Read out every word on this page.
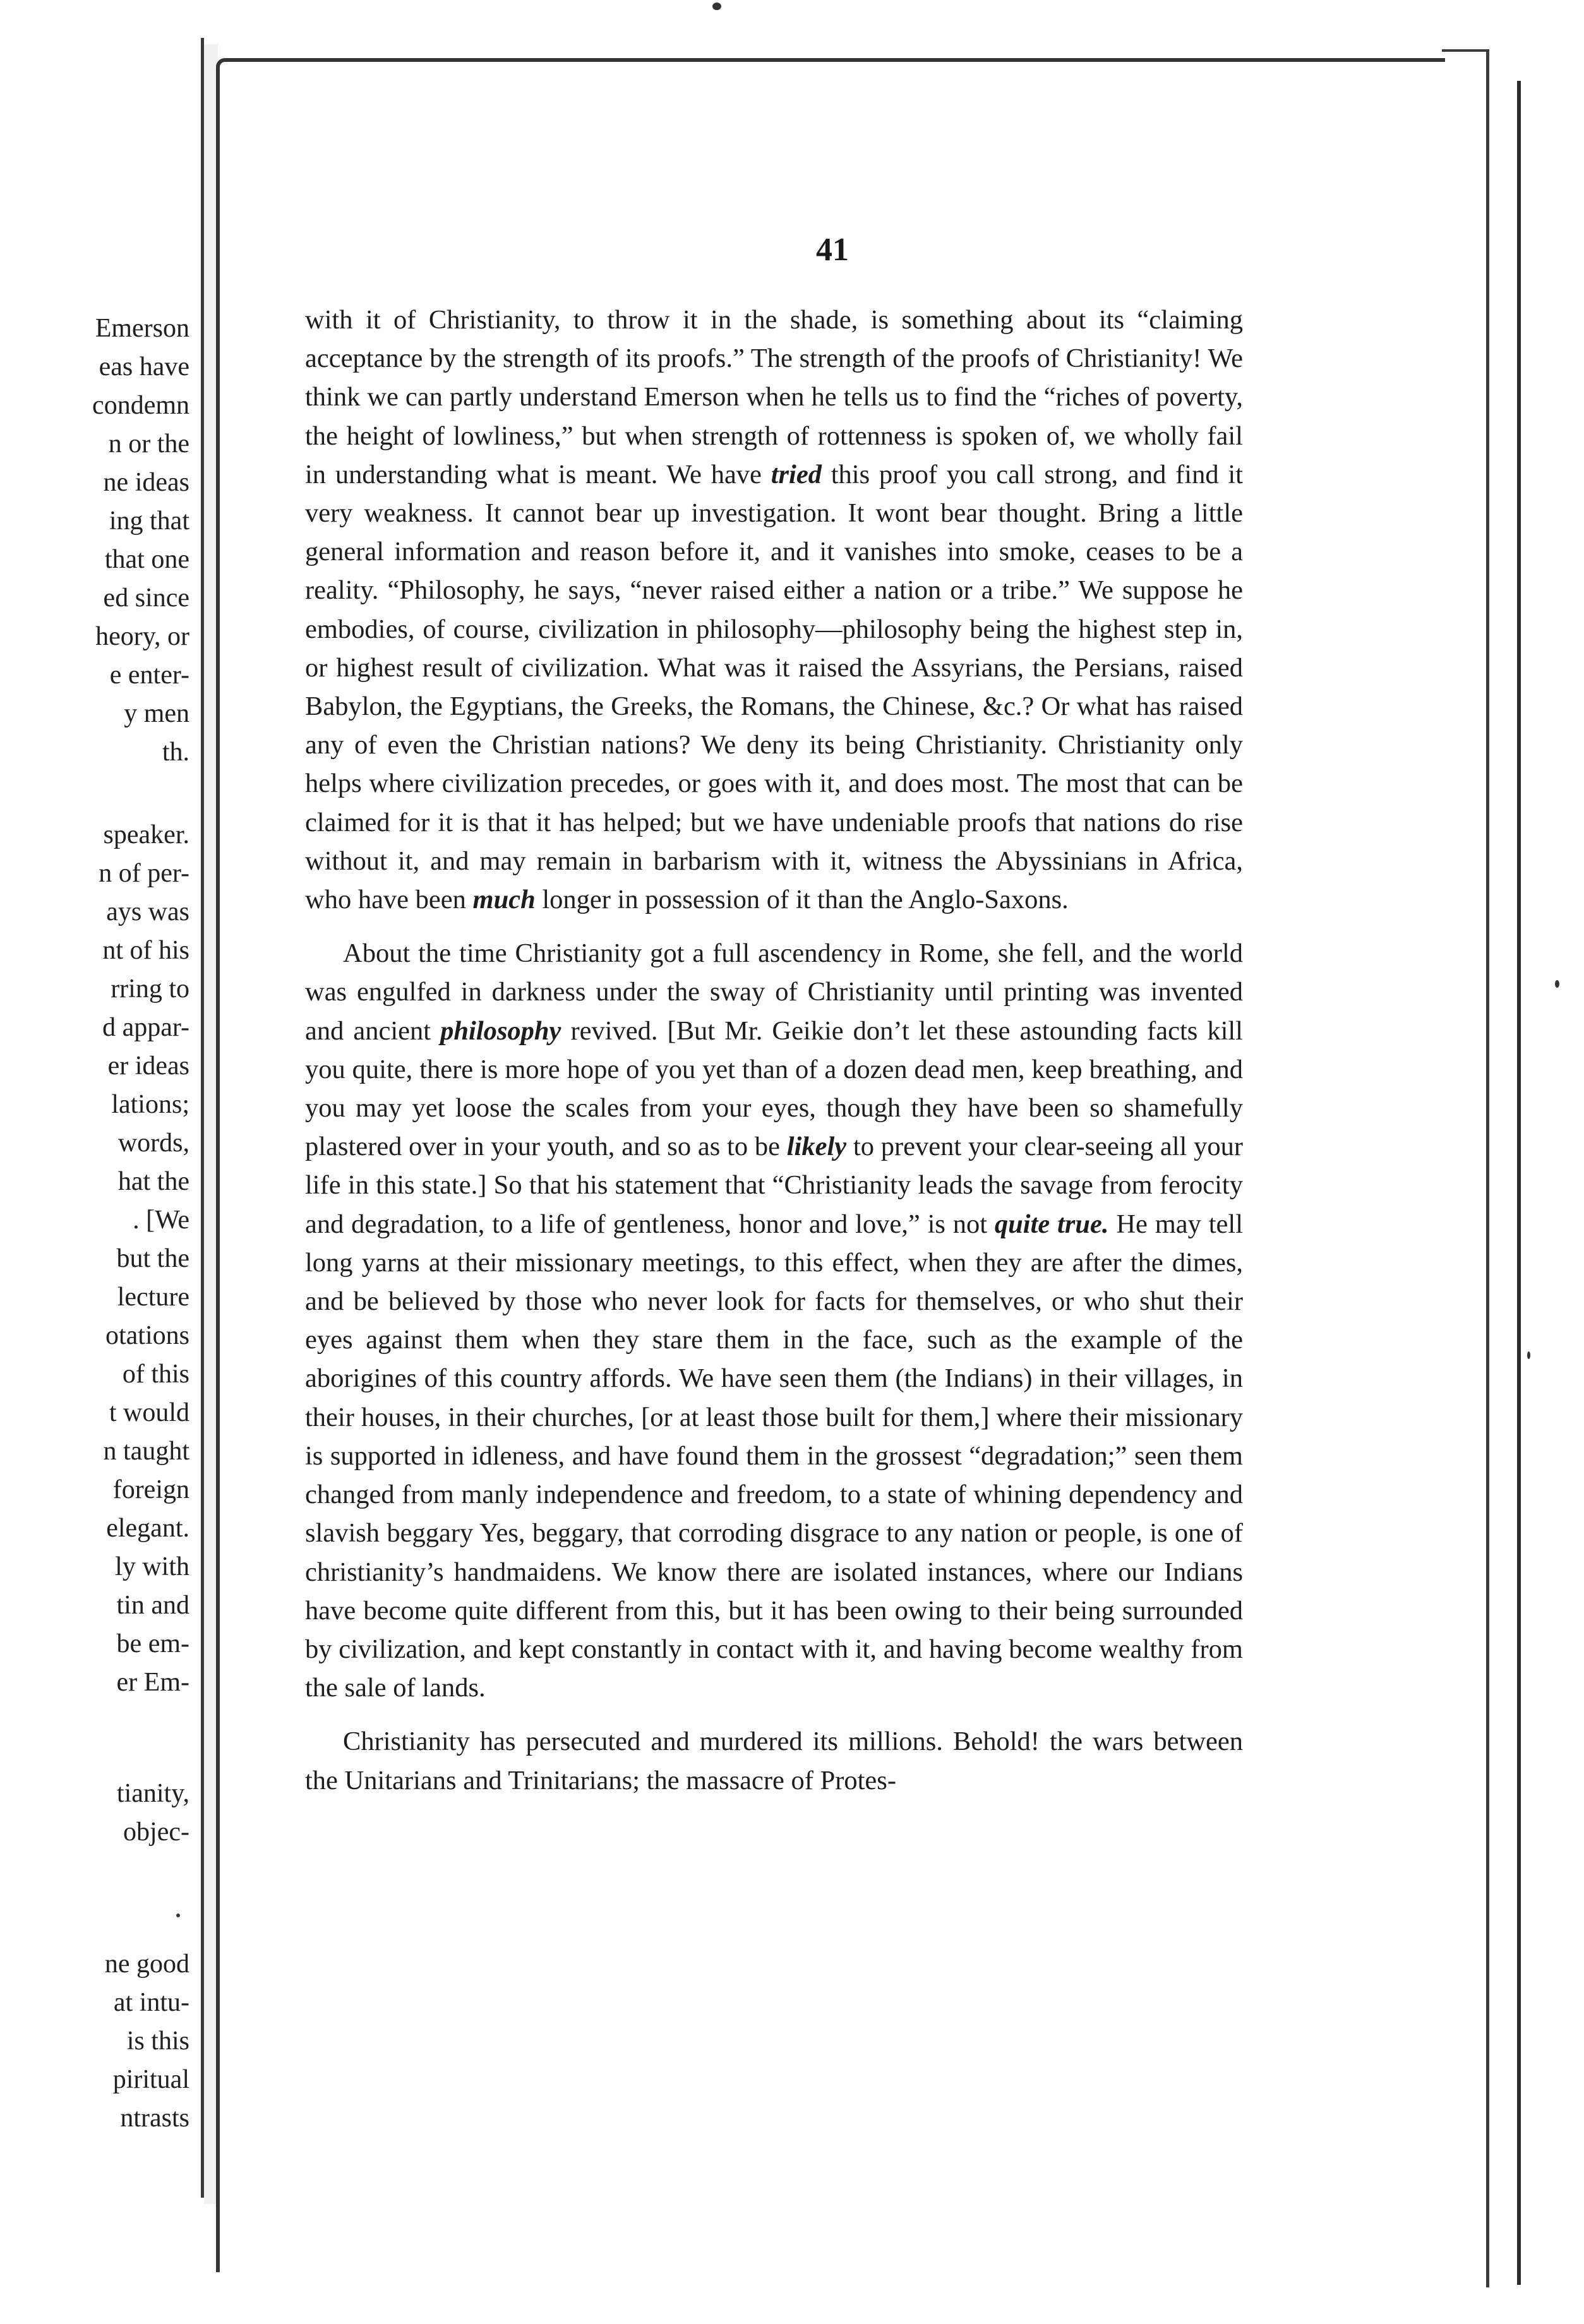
Emerson
eas have
condemn
n or the
ne ideas
ing that
that one
ed since
heory, or
e enter-
y men
th.
speaker.
n of per-
ays was
nt of his
rring to
d appar-
er ideas
lations;
words,
hat the
. [We
but the
lecture
otations
of this
t would
n taught
foreign
elegant.
ly with
tin and
be em-
er Em-
tianity,
objec-
ne good
at intu-
is this
piritual
ntrasts
41

with it of Christianity, to throw it in the shade, is something about its “claiming acceptance by the strength of its proofs.” The strength of the proofs of Christianity! We think we can partly understand Emerson when he tells us to find the “riches of poverty, the height of lowliness,” but when strength of rottenness is spoken of, we wholly fail in understanding what is meant. We have tried this proof you call strong, and find it very weakness. It cannot bear up investigation. It wont bear thought. Bring a little general information and reason before it, and it vanishes into smoke, ceases to be a reality. “Philosophy, he says, “never raised either a nation or a tribe.” We suppose he embodies, of course, civilization in philosophy—philosophy being the highest step in, or highest result of civilization. What was it raised the Assyrians, the Persians, raised Babylon, the Egyptians, the Greeks, the Romans, the Chinese, &c.? Or what has raised any of even the Christian nations? We deny its being Christianity. Christianity only helps where civilization precedes, or goes with it, and does most. The most that can be claimed for it is that it has helped; but we have undeniable proofs that nations do rise without it, and may remain in barbarism with it, witness the Abyssinians in Africa, who have been much longer in possession of it than the Anglo-Saxons.

About the time Christianity got a full ascendency in Rome, she fell, and the world was engulfed in darkness under the sway of Christianity until printing was invented and ancient philosophy revived. [But Mr. Geikie don’t let these astounding facts kill you quite, there is more hope of you yet than of a dozen dead men, keep breathing, and you may yet loose the scales from your eyes, though they have been so shamefully plastered over in your youth, and so as to be likely to prevent your clear-seeing all your life in this state.] So that his statement that “Christianity leads the savage from ferocity and degradation, to a life of gentleness, honor and love,” is not quite true. He may tell long yarns at their missionary meetings, to this effect, when they are after the dimes, and be believed by those who never look for facts for themselves, or who shut their eyes against them when they stare them in the face, such as the example of the aborigines of this country affords. We have seen them (the Indians) in their villages, in their houses, in their churches, [or at least those built for them,] where their missionary is supported in idleness, and have found them in the grossest “degradation;” seen them changed from manly independence and freedom, to a state of whining dependency and slavish beggary Yes, beggary, that corroding disgrace to any nation or people, is one of christianity’s handmaidens. We know there are isolated instances, where our Indians have become quite different from this, but it has been owing to their being surrounded by civilization, and kept constantly in contact with it, and having become wealthy from the sale of lands.

Christianity has persecuted and murdered its millions. Behold! the wars between the Unitarians and Trinitarians; the massacre of Protes-
